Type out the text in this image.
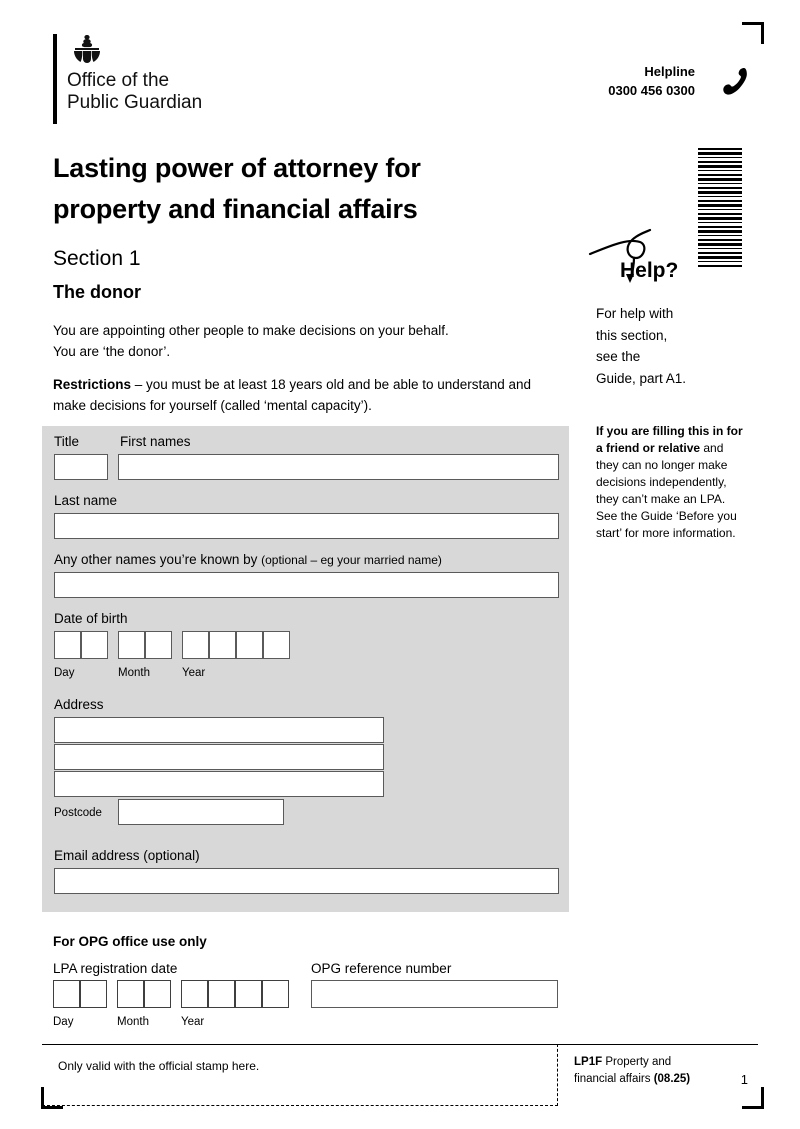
Office of the
Public Guardian
Helpline
0300 456 0300
Lasting power of attorney for
property and financial affairs
Section 1
The donor
You are appointing other people to make decisions on your behalf.
You are ‘the donor’.
Restrictions – you must be at least 18 years old and be able to understand and make decisions for yourself (called ‘mental capacity’).
Help?
For help with
this section,
see the
Guide, part A1.
If you are filling this in for a friend or relative and they can no longer make decisions independently, they can’t make an LPA. See the Guide ‘Before you start’ for more information.
Title	First names
Last name
Any other names you’re known by (optional – eg your married name)
Date of birth
Day	Month	Year
Address
Postcode
Email address (optional)
For OPG office use only
LPA registration date	OPG reference number
Day	Month	Year
Only valid with the official stamp here.	LP1F Property and
financial affairs (08.25)	1
